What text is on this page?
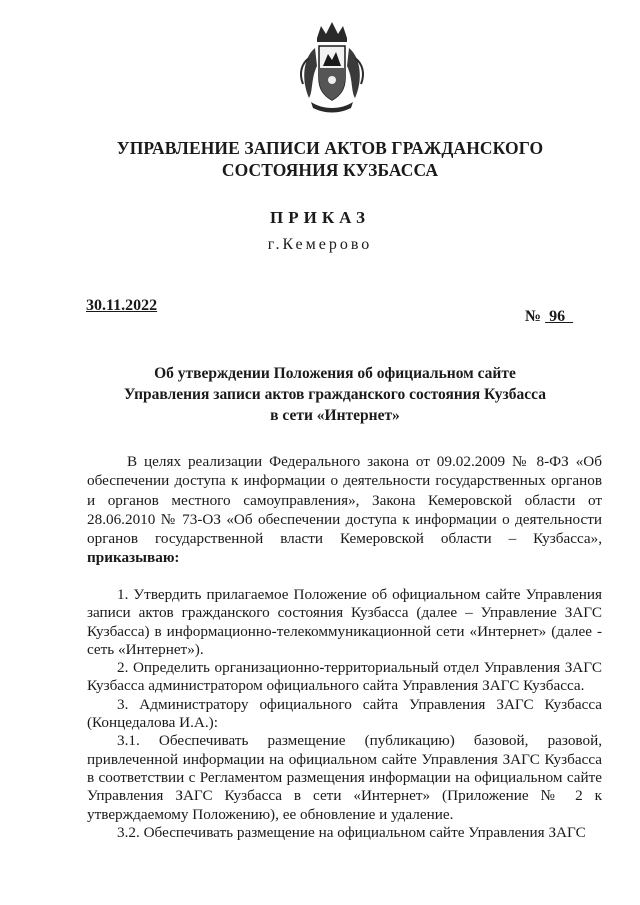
УПРАВЛЕНИЕ ЗАПИСИ АКТОВ ГРАЖДАНСКОГО СОСТОЯНИЯ КУЗБАССА
ПРИКАЗ
г.Кемерово
30.11.2022
№ 96
Об утверждении Положения об официальном сайте Управления записи актов гражданского состояния Кузбасса в сети «Интернет»

В целях реализации Федерального закона от 09.02.2009 № 8-ФЗ «Об обеспечении доступа к информации о деятельности государственных органов и органов местного самоуправления», Закона Кемеровской области от 28.06.2010 № 73-ОЗ «Об обеспечении доступа к информации о деятельности органов государственной власти Кемеровской области – Кузбасса», приказываю:

1. Утвердить прилагаемое Положение об официальном сайте Управления записи актов гражданского состояния Кузбасса (далее – Управление ЗАГС Кузбасса) в информационно-телекоммуникационной сети «Интернет» (далее - сеть «Интернет»).

2. Определить организационно-территориальный отдел Управления ЗАГС Кузбасса администратором официального сайта Управления ЗАГС Кузбасса.

3. Администратору официального сайта Управления ЗАГС Кузбасса (Концедалова И.А.):

3.1. Обеспечивать размещение (публикацию) базовой, разовой, привлеченной информации на официальном сайте Управления ЗАГС Кузбасса в соответствии с Регламентом размещения информации на официальном сайте Управления ЗАГС Кузбасса в сети «Интернет» (Приложение № 2 к утверждаемому Положению), ее обновление и удаление.

3.2. Обеспечивать размещение на официальном сайте Управления ЗАГС
